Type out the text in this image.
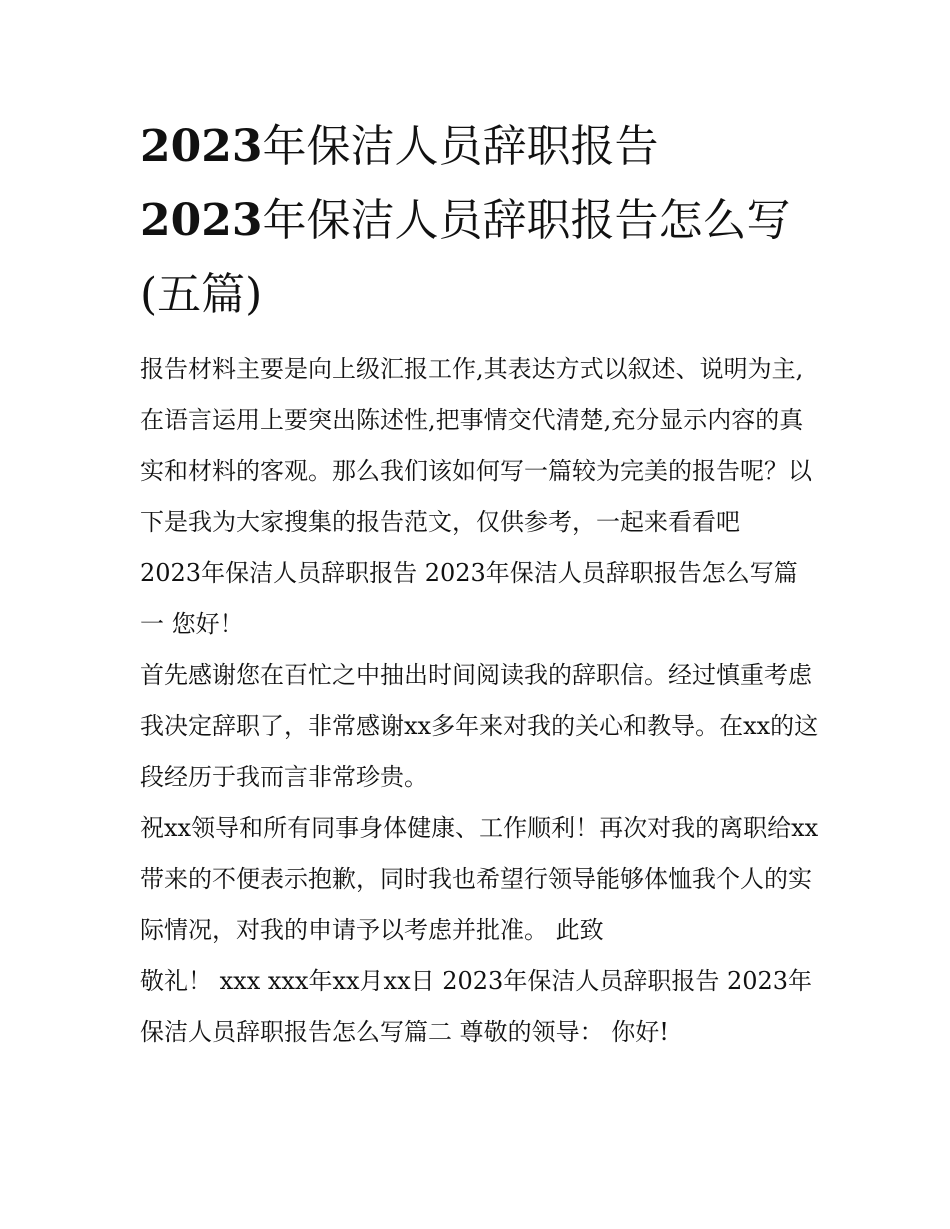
2023年保洁人员辞职报告
2023年保洁人员辞职报告怎么写(五篇)

报告材料主要是向上级汇报工作,其表达方式以叙述、说明为主,在语言运用上要突出陈述性,把事情交代清楚,充分显示内容的真实和材料的客观。那么我们该如何写一篇较为完美的报告呢？以下是我为大家搜集的报告范文，仅供参考，一起来看看吧

2023年保洁人员辞职报告 2023年保洁人员辞职报告怎么写篇一 您好！

首先感谢您在百忙之中抽出时间阅读我的辞职信。经过慎重考虑我决定辞职了，非常感谢xx多年来对我的关心和教导。在xx的这段经历于我而言非常珍贵。

祝xx领导和所有同事身体健康、工作顺利！再次对我的离职给xx带来的不便表示抱歉，同时我也希望行领导能够体恤我个人的实际情况，对我的申请予以考虑并批准。 此致

敬礼！ xxx xxx年xx月xx日 2023年保洁人员辞职报告 2023年保洁人员辞职报告怎么写篇二 尊敬的领导： 你好!
